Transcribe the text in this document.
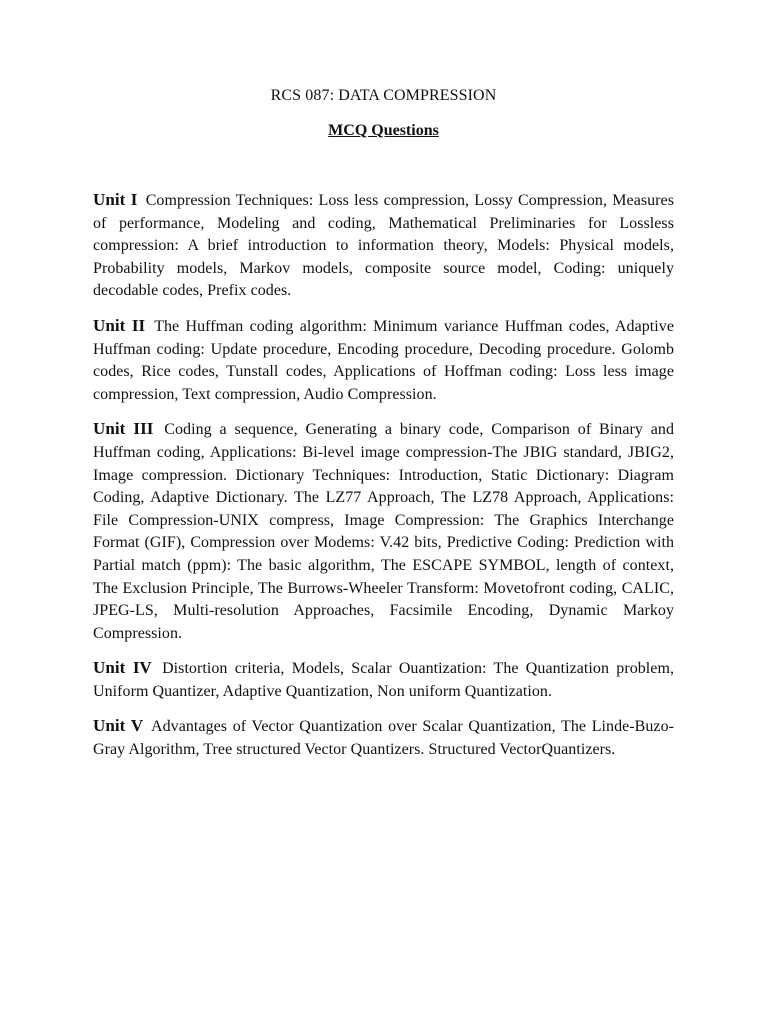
RCS 087: DATA COMPRESSION

MCQ Questions

Unit I Compression Techniques: Loss less compression, Lossy Compression, Measures of performance, Modeling and coding, Mathematical Preliminaries for Lossless compression: A brief introduction to information theory, Models: Physical models, Probability models, Markov models, composite source model, Coding: uniquely decodable codes, Prefix codes.

Unit II The Huffman coding algorithm: Minimum variance Huffman codes, Adaptive Huffman coding: Update procedure, Encoding procedure, Decoding procedure. Golomb codes, Rice codes, Tunstall codes, Applications of Hoffman coding: Loss less image compression, Text compression, Audio Compression.

Unit III Coding a sequence, Generating a binary code, Comparison of Binary and Huffman coding, Applications: Bi-level image compression-The JBIG standard, JBIG2, Image compression. Dictionary Techniques: Introduction, Static Dictionary: Diagram Coding, Adaptive Dictionary. The LZ77 Approach, The LZ78 Approach, Applications: File Compression-UNIX compress, Image Compression: The Graphics Interchange Format (GIF), Compression over Modems: V.42 bits, Predictive Coding: Prediction with Partial match (ppm): The basic algorithm, The ESCAPE SYMBOL, length of context, The Exclusion Principle, The Burrows-Wheeler Transform: Movetofront coding, CALIC, JPEG-LS, Multi-resolution Approaches, Facsimile Encoding, Dynamic Markoy Compression.

Unit IV Distortion criteria, Models, Scalar Ouantization: The Quantization problem, Uniform Quantizer, Adaptive Quantization, Non uniform Quantization.

Unit V Advantages of Vector Quantization over Scalar Quantization, The Linde-Buzo-Gray Algorithm, Tree structured Vector Quantizers. Structured VectorQuantizers.
